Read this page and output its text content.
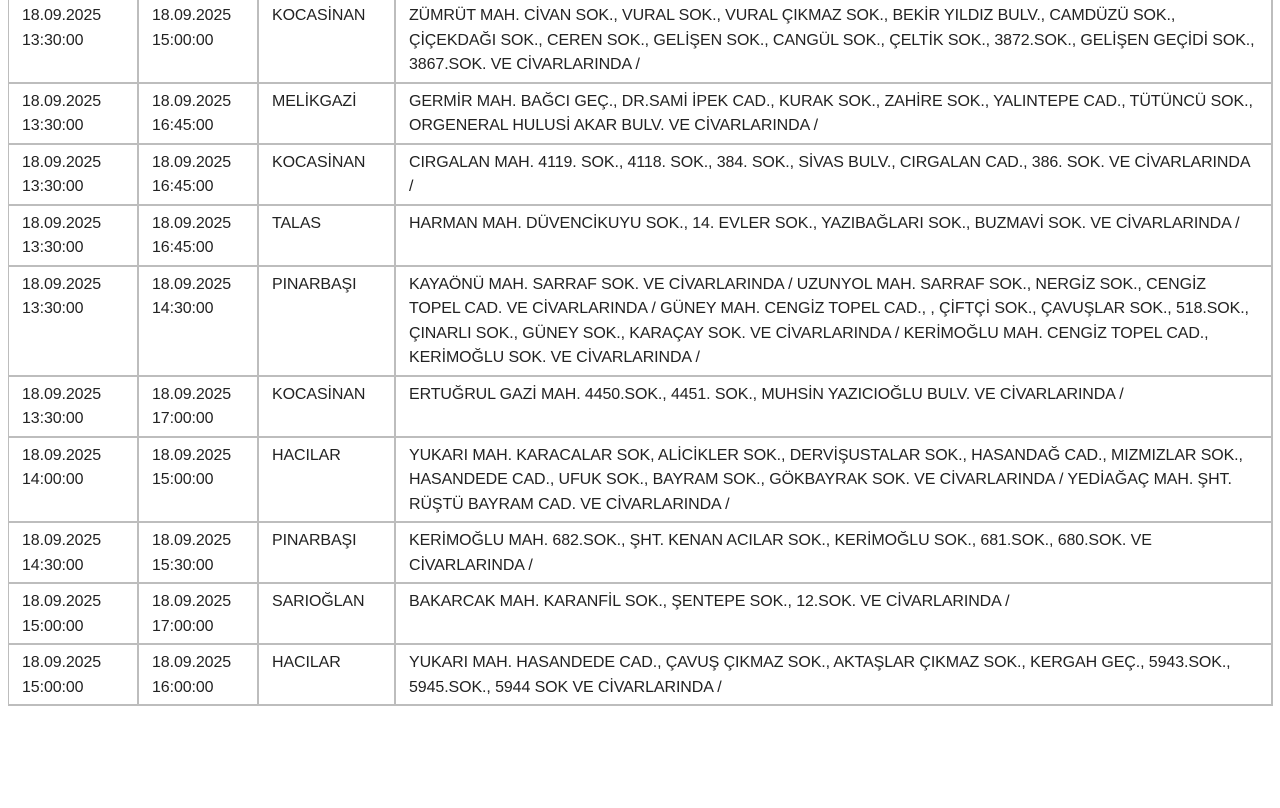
18.09.2025
13:30:00	18.09.2025
15:00:00	KOCASİNAN	ZÜMRÜT MAH. CİVAN SOK., VURAL SOK., VURAL ÇIKMAZ SOK., BEKİR YILDIZ BULV., CAMDÜZÜ SOK., ÇİÇEKDAĞI SOK., CEREN SOK., GELİŞEN SOK., CANGÜL SOK., ÇELTİK SOK., 3872.SOK., GELİŞEN GEÇİDİ SOK., 3867.SOK. VE CİVARLARINDA /

18.09.2025
13:30:00	18.09.2025
16:45:00	MELİKGAZİ	GERMİR MAH. BAĞCI GEÇ., DR.SAMİ İPEK CAD., KURAK SOK., ZAHİRE SOK., YALINTEPE CAD., TÜTÜNCÜ SOK., ORGENERAL HULUSİ AKAR BULV. VE CİVARLARINDA /

18.09.2025
13:30:00	18.09.2025
16:45:00	KOCASİNAN	CIRGALAN MAH. 4119. SOK., 4118. SOK., 384. SOK., SİVAS BULV., CIRGALAN CAD., 386. SOK. VE CİVARLARINDA /

18.09.2025
13:30:00	18.09.2025
16:45:00	TALAS	HARMAN MAH. DÜVENCİKUYU SOK., 14. EVLER SOK., YAZIBAĞLARI SOK., BUZMAVİ SOK. VE CİVARLARINDA /

18.09.2025
13:30:00	18.09.2025
14:30:00	PINARBAŞI	KAYAÖNÜ MAH. SARRAF SOK. VE CİVARLARINDA / UZUNYOL MAH. SARRAF SOK., NERGİZ SOK., CENGİZ TOPEL CAD. VE CİVARLARINDA / GÜNEY MAH. CENGİZ TOPEL CAD., , ÇİFTÇİ SOK., ÇAVUŞLAR SOK., 518.SOK., ÇINARLI SOK., GÜNEY SOK., KARAÇAY SOK. VE CİVARLARINDA / KERİMOĞLU MAH. CENGİZ TOPEL CAD., KERİMOĞLU SOK. VE CİVARLARINDA /

18.09.2025
13:30:00	18.09.2025
17:00:00	KOCASİNAN	ERTUĞRUL GAZİ MAH. 4450.SOK., 4451. SOK., MUHSİN YAZICIOĞLU BULV. VE CİVARLARINDA /

18.09.2025
14:00:00	18.09.2025
15:00:00	HACILAR	YUKARI MAH. KARACALAR SOK, ALİCİKLER SOK., DERVİŞUSTALAR SOK., HASANDAĞ CAD., MIZMIZLAR SOK., HASANDEDE CAD., UFUK SOK., BAYRAM SOK., GÖKBAYRAK SOK. VE CİVARLARINDA / YEDİAĞAÇ MAH. ŞHT. RÜŞTÜ BAYRAM CAD. VE CİVARLARINDA /

18.09.2025
14:30:00	18.09.2025
15:30:00	PINARBAŞI	KERİMOĞLU MAH. 682.SOK., ŞHT. KENAN ACILAR SOK., KERİMOĞLU SOK., 681.SOK., 680.SOK. VE CİVARLARINDA /

18.09.2025
15:00:00	18.09.2025
17:00:00	SARIOĞLAN	BAKARCAK MAH. KARANFİL SOK., ŞENTEPE SOK., 12.SOK. VE CİVARLARINDA /

18.09.2025
15:00:00	18.09.2025
16:00:00	HACILAR	YUKARI MAH. HASANDEDE CAD., ÇAVUŞ ÇIKMAZ SOK., AKTAŞLAR ÇIKMAZ SOK., KERGAH GEÇ., 5943.SOK., 5945.SOK., 5944 SOK VE CİVARLARINDA /
